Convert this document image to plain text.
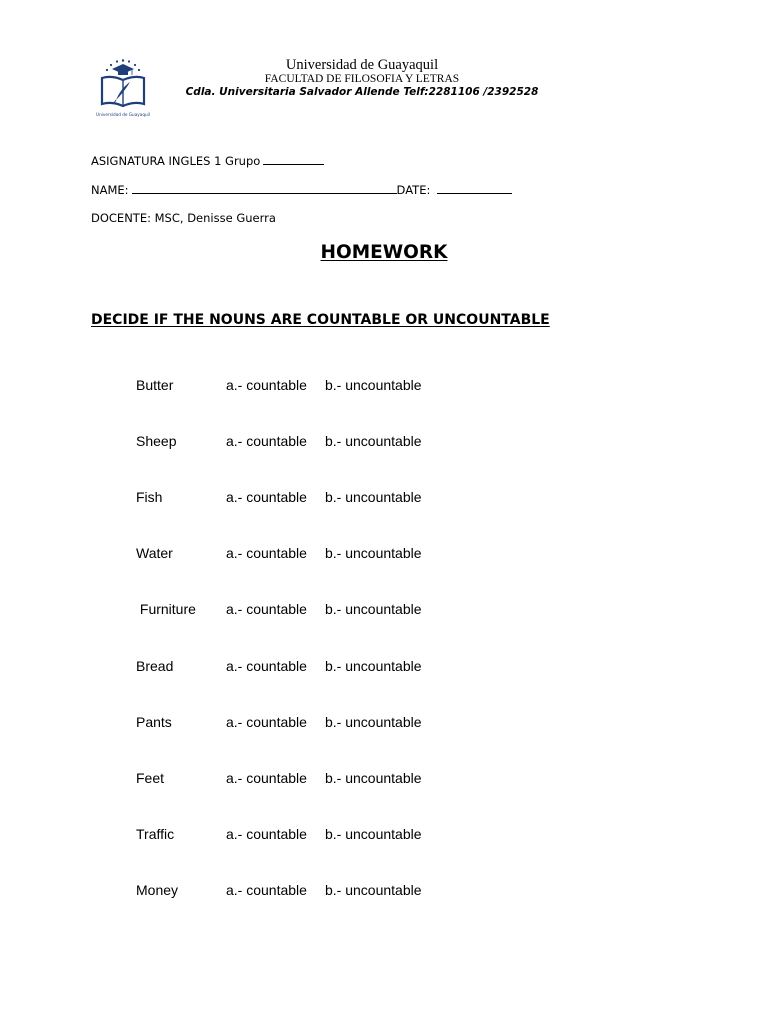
Universidad de Guayaquil
Universidad de Guayaquil
FACULTAD DE FILOSOFIA Y LETRAS
Cdla. Universitaria Salvador Allende Telf:2281106 /2392528
ASIGNATURA INGLES 1 Grupo
NAME:	DATE:
DOCENTE: MSC, Denisse Guerra
HOMEWORK
DECIDE IF THE NOUNS ARE COUNTABLE OR UNCOUNTABLE
Butter	a.- countable b.- uncountable
Sheep	a.- countable b.- uncountable
Fish	a.- countable b.- uncountable
Water	a.- countable b.- uncountable
Furniture a.- countable b.- uncountable
Bread	a.- countable b.- uncountable
Pants	a.- countable b.- uncountable
Feet	a.- countable b.- uncountable
Traffic	a.- countable b.- uncountable
Money	a.- countable b.- uncountable
